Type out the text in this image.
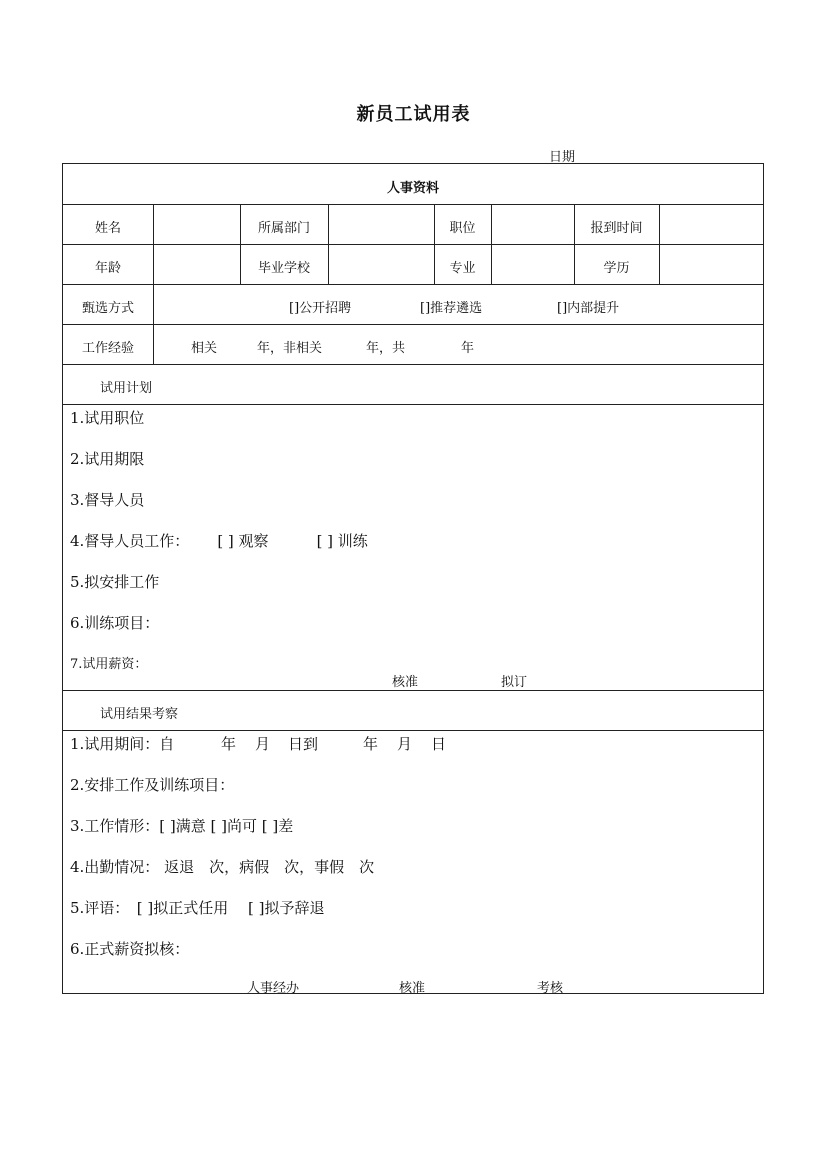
新员工试用表
日期
人事资料
姓名	所属部门	职位	报到时间
年龄	毕业学校	专业	学历
甄选方式	[]公开招聘	[]推荐遴选	[]内部提升
工作经验	相关	年，非相关	年，共	年
试用计划
1.试用职位
2.试用期限
3.督导人员
4.督导人员工作： [ ] 观察	[ ] 训练
5.拟安排工作
6.训练项目：
7.试用薪资：
核准	拟订
试用结果考察
1.试用期间：自	年 月 日到	年 月 日
2.安排工作及训练项目：
3.工作情形：[ ]满意 [ ]尚可 [ ]差
4.出勤情况： 返退　次，病假　次，事假　次
5.评语：　[ ]拟正式任用　 [ ]拟予辞退
6.正式薪资拟核：
人事经办	核准	考核
